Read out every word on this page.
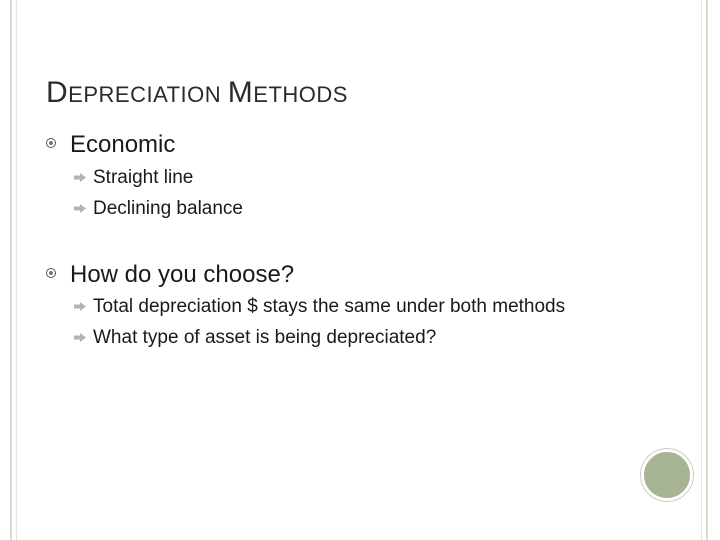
DEPRECIATION METHODS
Economic
Straight line
Declining balance
How do you choose?
Total depreciation $ stays the same under both methods
What type of asset is being depreciated?
